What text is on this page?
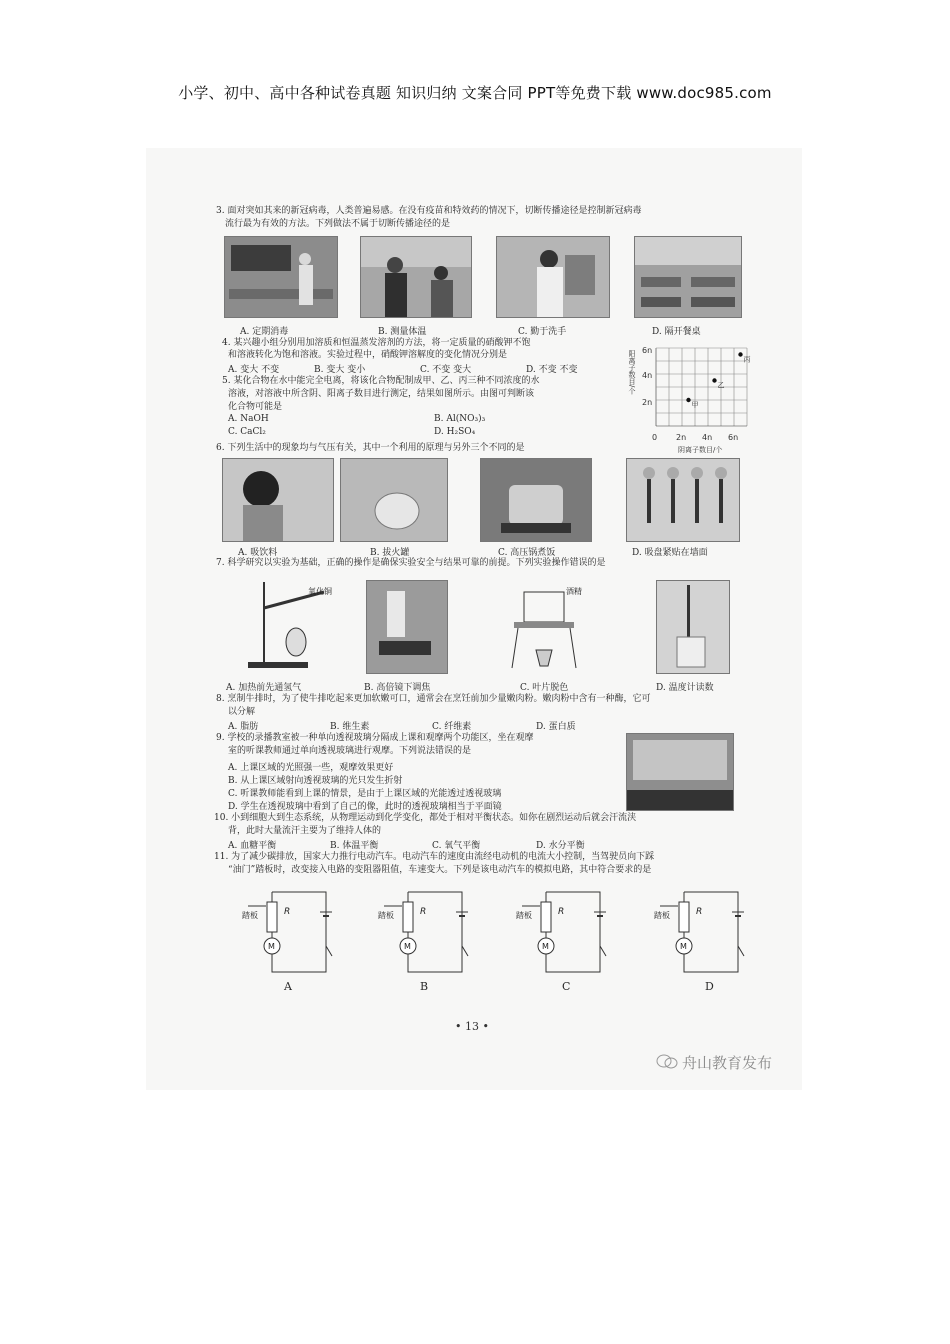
小学、初中、高中各种试卷真题 知识归纳 文案合同 PPT等免费下载 www.doc985.com
3. 面对突如其来的新冠病毒，人类普遍易感。在没有疫苗和特效药的情况下，切断传播途径是控制新冠病毒
流行最为有效的方法。下列做法不属于切断传播途径的是
A. 定期消毒	B. 测量体温	C. 勤于洗手	D. 隔开餐桌
4. 某兴趣小组分别用加溶质和恒温蒸发溶剂的方法，将一定质量的硝酸钾不饱
和溶液转化为饱和溶液。实验过程中，硝酸钾溶解度的变化情况分别是
A. 变大 不变	B. 变大 变小	C. 不变 变大	D. 不变 不变
5. 某化合物在水中能完全电离，将该化合物配制成甲、乙、丙三种不同浓度的水
溶液，对溶液中所含阴、阳离子数目进行测定，结果如图所示。由图可判断该
化合物可能是
A. NaOH	B. Al(NO₃)₃
C. CaCl₂	D. H₂SO₄
阳离子数目/个
0 2n 4n 6n
2n
4n
6n
阴离子数目/个
甲
乙
丙
6. 下列生活中的现象均与气压有关，其中一个利用的原理与另外三个不同的是
A. 吸饮料	B. 拔火罐	C. 高压锅煮饭	D. 吸盘紧贴在墙面
7. 科学研究以实验为基础，正确的操作是确保实验安全与结果可靠的前提。下列实验操作错误的是
氧化铜	酒精
A. 加热前先通氢气	B. 高倍镜下调焦	C. 叶片脱色	D. 温度计读数
8. 烹制牛排时，为了使牛排吃起来更加软嫩可口，通常会在烹饪前加少量嫩肉粉。嫩肉粉中含有一种酶，它可
以分解
A. 脂肪	B. 维生素	C. 纤维素	D. 蛋白质
9. 学校的录播教室被一种单向透视玻璃分隔成上课和观摩两个功能区，坐在观摩
室的听课教师通过单向透视玻璃进行观摩。下列说法错误的是
A. 上课区域的光照强一些，观摩效果更好
B. 从上课区域射向透视玻璃的光只发生折射
C. 听课教师能看到上课的情景，是由于上课区域的光能透过透视玻璃
D. 学生在透视玻璃中看到了自己的像，此时的透视玻璃相当于平面镜
10. 小到细胞大到生态系统，从物理运动到化学变化，都处于相对平衡状态。如你在剧烈运动后就会汗流浃
背，此时大量流汗主要为了维持人体的
A. 血糖平衡	B. 体温平衡	C. 氧气平衡	D. 水分平衡
11. 为了减少碳排放，国家大力推行电动汽车。电动汽车的速度由流经电动机的电流大小控制，当驾驶员向下踩
“油门”踏板时，改变接入电路的变阻器阻值，车速变大。下列是该电动汽车的模拟电路，其中符合要求的是
R
M
踏板	R
M
踏板	R
M
踏板	R
M
踏板
A	B	C	D
• 13 •
舟山教育发布
